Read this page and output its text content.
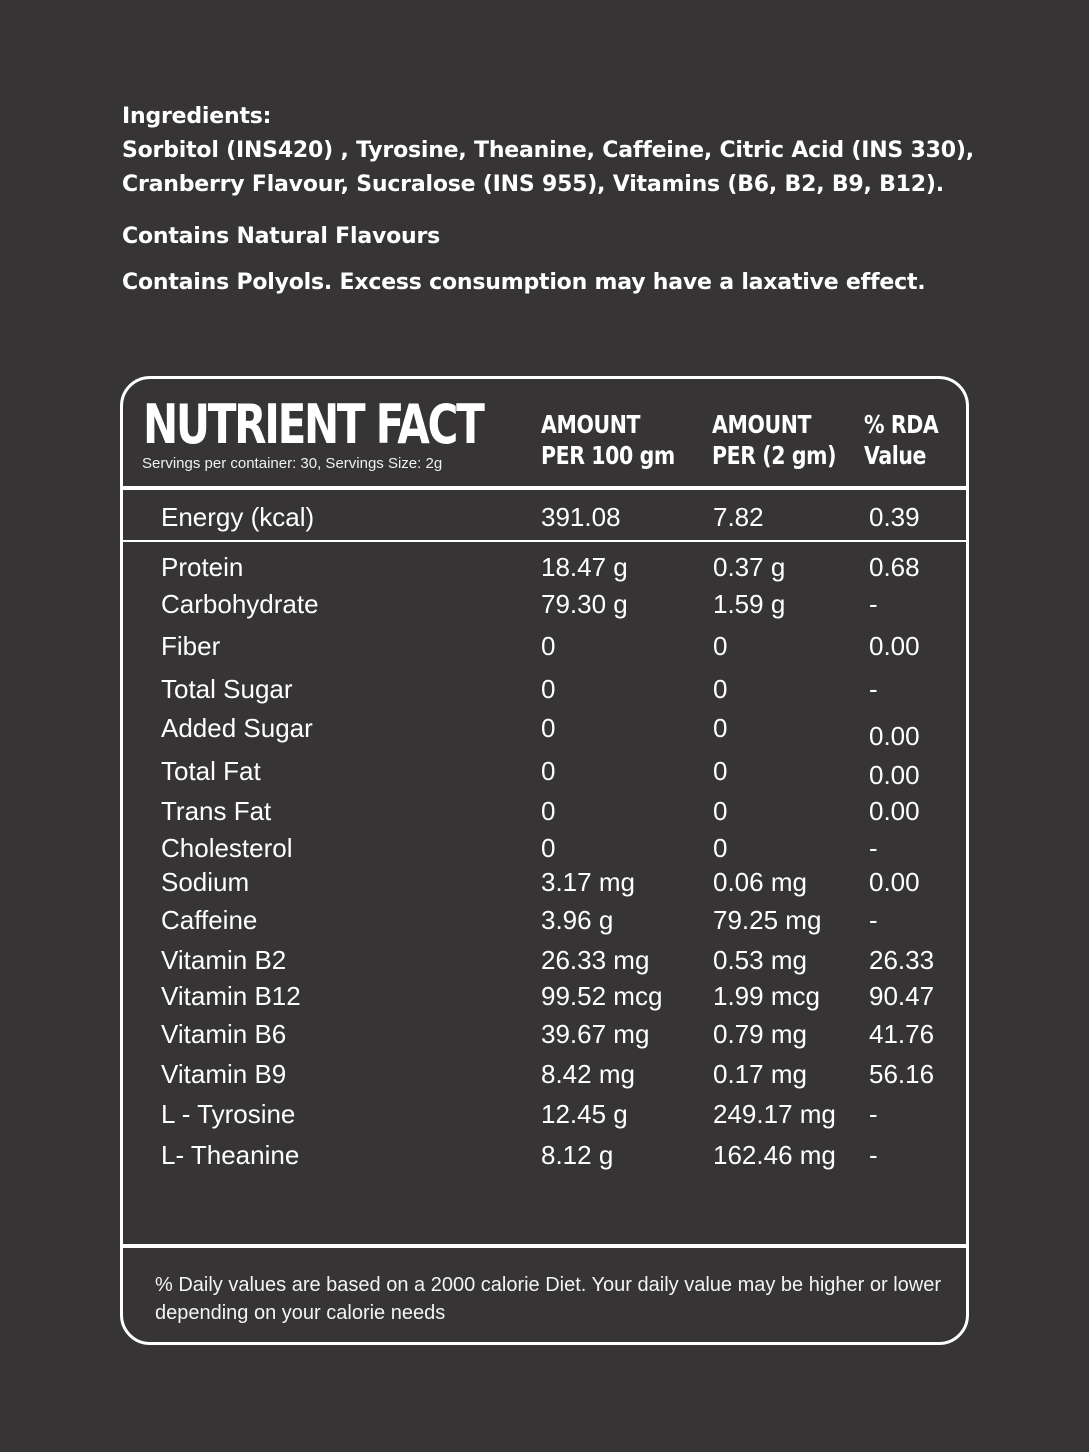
Ingredients:

Sorbitol (INS420) , Tyrosine, Theanine, Caffeine, Citric Acid (INS 330), Cranberry Flavour, Sucralose (INS 955), Vitamins (B6, B2, B9, B12).

Contains Natural Flavours

Contains Polyols. Excess consumption may have a laxative effect.

NUTRIENT FACT
Servings per container: 30, Servings Size: 2g
AMOUNT
PER 100 gm
AMOUNT
PER (2 gm)
% RDA
Value
Energy (kcal)	391.08	7.82	0.39
Protein	18.47 g	0.37 g	0.68
Carbohydrate	79.30 g	1.59 g	-
Fiber	0	0	0.00
Total Sugar	0	0	-
Added Sugar	0	0	0.00
Total Fat	0	0	0.00
Trans Fat	0	0	0.00
Cholesterol	0	0	-
Sodium	3.17 mg	0.06 mg 0.00
Caffeine	3.96 g	79.25 mg -
Vitamin B2	26.33 mg 0.53 mg 26.33
Vitamin B12	99.52 mcg 1.99 mcg 90.47
Vitamin B6	39.67 mg 0.79 mg 41.76
Vitamin B9	8.42 mg	0.17 mg 56.16
L - Tyrosine	12.45 g	249.17 mg -
L- Theanine	8.12 g	162.46 mg -
% Daily values are based on a 2000 calorie Diet. Your daily value may be higher or lower depending on your calorie needs
